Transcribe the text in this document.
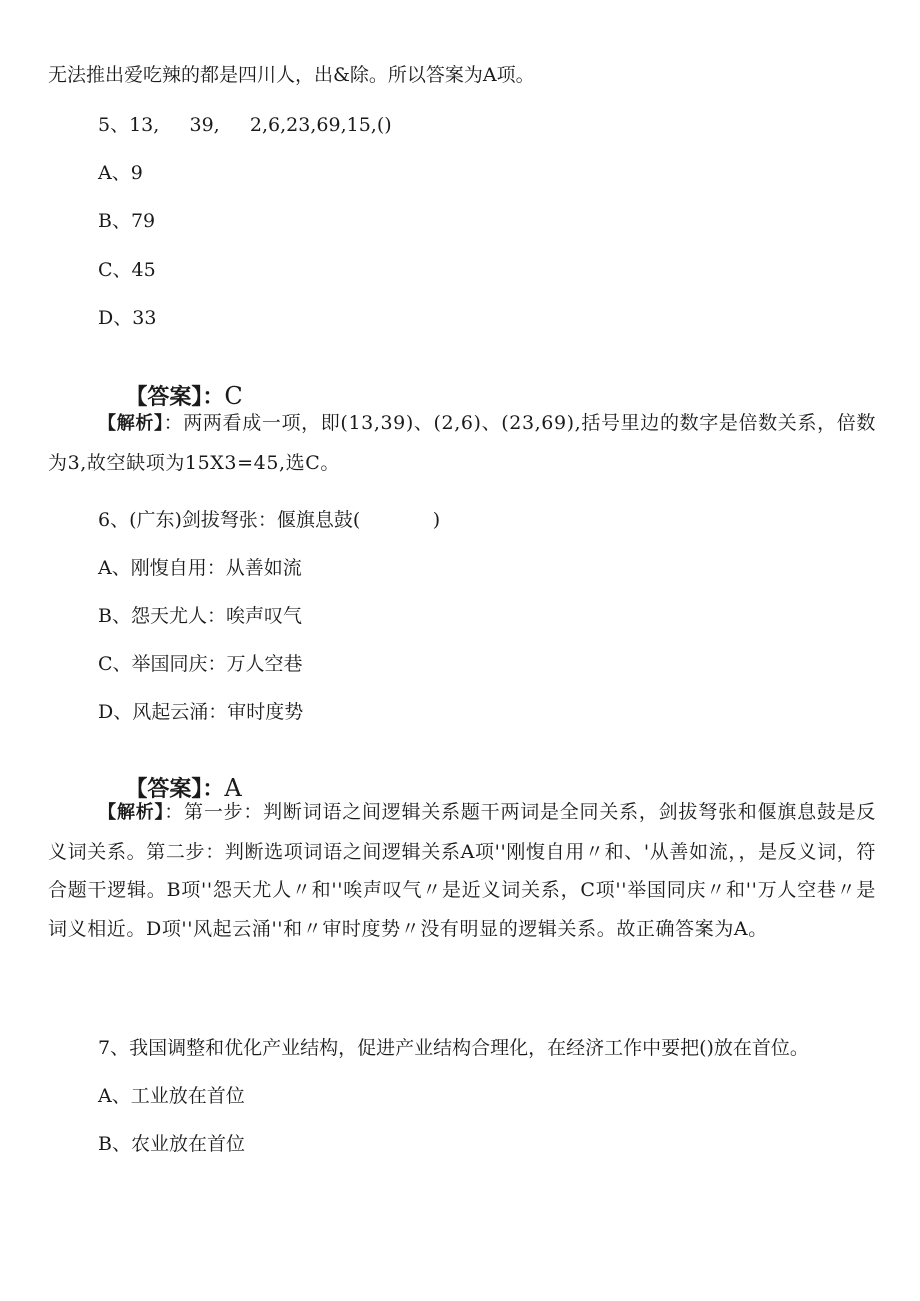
无法推出爱吃辣的都是四川人，出&除。所以答案为A项。
5、13,     39,     2,6,23,69,15,()
A、9
B、79
C、45
D、33

【答案】：C

【解析】：两两看成一项，即(13,39)、(2,6)、(23,69),括号里边的数字是倍数关系，倍数为3,故空缺项为15X3=45,选C。
6、(广东)剑拔弩张：偃旗息鼓(            )
A、刚愎自用：从善如流
B、怨天尤人：唉声叹气
C、举国同庆：万人空巷
D、风起云涌：审时度势

【答案】：A

【解析】：第一步：判断词语之间逻辑关系题干两词是全同关系，剑拔弩张和偃旗息鼓是反义词关系。第二步：判断选项词语之间逻辑关系A项''刚愎自用〃和、'从善如流，，是反义词，符合题干逻辑。B项''怨天尤人〃和''唉声叹气〃是近义词关系，C项''举国同庆〃和''万人空巷〃是词义相近。D项''风起云涌''和〃审时度势〃没有明显的逻辑关系。故正确答案为A。
7、我国调整和优化产业结构，促进产业结构合理化，在经济工作中要把()放在首位。
A、工业放在首位
B、农业放在首位
